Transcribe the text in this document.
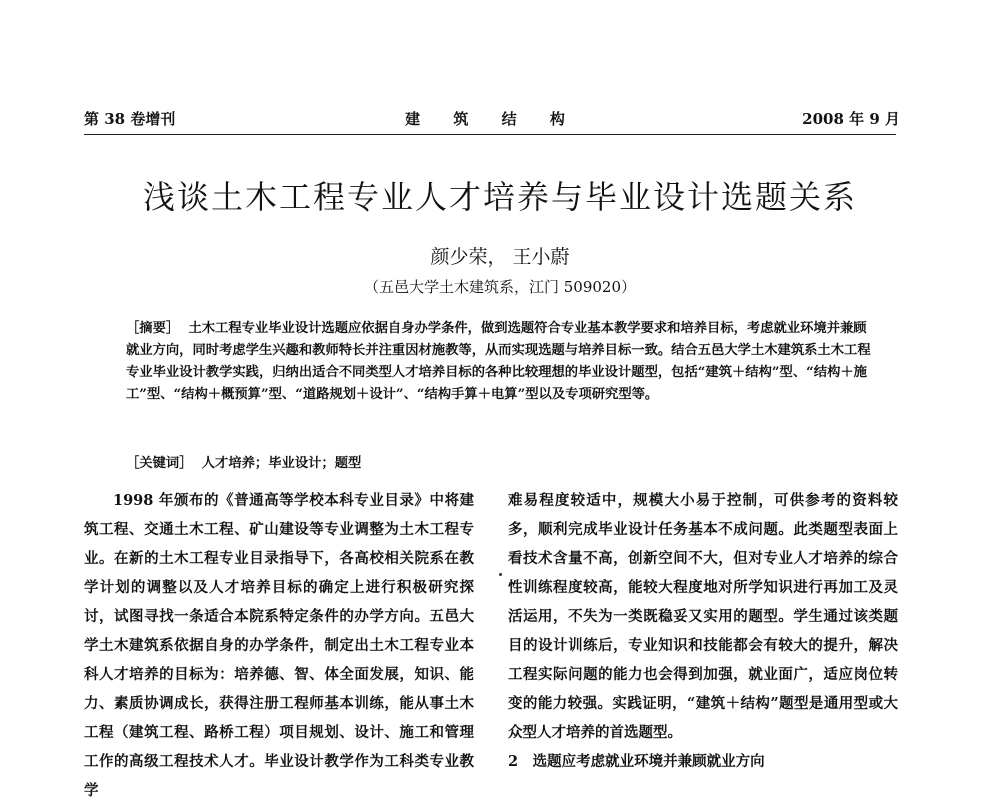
第 38 卷增刊	建 筑 结 构	2008 年 9 月
浅谈土木工程专业人才培养与毕业设计选题关系
颜少荣， 王小蔚
（五邑大学土木建筑系，江门 509020）

［摘要］ 土木工程专业毕业设计选题应依据自身办学条件，做到选题符合专业基本教学要求和培养目标，考虑就业环境并兼顾就业方向，同时考虑学生兴趣和教师特长并注重因材施教等，从而实现选题与培养目标一致。结合五邑大学土木建筑系土木工程专业毕业设计教学实践，归纳出适合不同类型人才培养目标的各种比较理想的毕业设计题型，包括“建筑＋结构”型、“结构＋施工”型、“结构＋概预算”型、“道路规划＋设计”、“结构手算＋电算”型以及专项研究型等。

［关键词］ 人才培养；毕业设计；题型

1998 年颁布的《普通高等学校本科专业目录》中将建筑工程、交通土木工程、矿山建设等专业调整为土木工程专业。在新的土木工程专业目录指导下，各高校相关院系在教学计划的调整以及人才培养目标的确定上进行积极研究探讨，试图寻找一条适合本院系特定条件的办学方向。五邑大学土木建筑系依据自身的办学条件，制定出土木工程专业本科人才培养的目标为：培养德、智、体全面发展，知识、能力、素质协调成长，获得注册工程师基本训练，能从事土木工程（建筑工程、路桥工程）项目规划、设计、施工和管理工作的高级工程技术人才。毕业设计教学作为工科类专业教学

难易程度较适中，规模大小易于控制，可供参考的资料较多，顺利完成毕业设计任务基本不成问题。此类题型表面上看技术含量不高，创新空间不大，但对专业人才培养的综合性训练程度较高，能较大程度地对所学知识进行再加工及灵活运用，不失为一类既稳妥又实用的题型。学生通过该类题目的设计训练后，专业知识和技能都会有较大的提升，解决工程实际问题的能力也会得到加强，就业面广，适应岗位转变的能力较强。实践证明，“建筑＋结构”题型是通用型或大众型人才培养的首选题型。

2　选题应考虑就业环境并兼顾就业方向
